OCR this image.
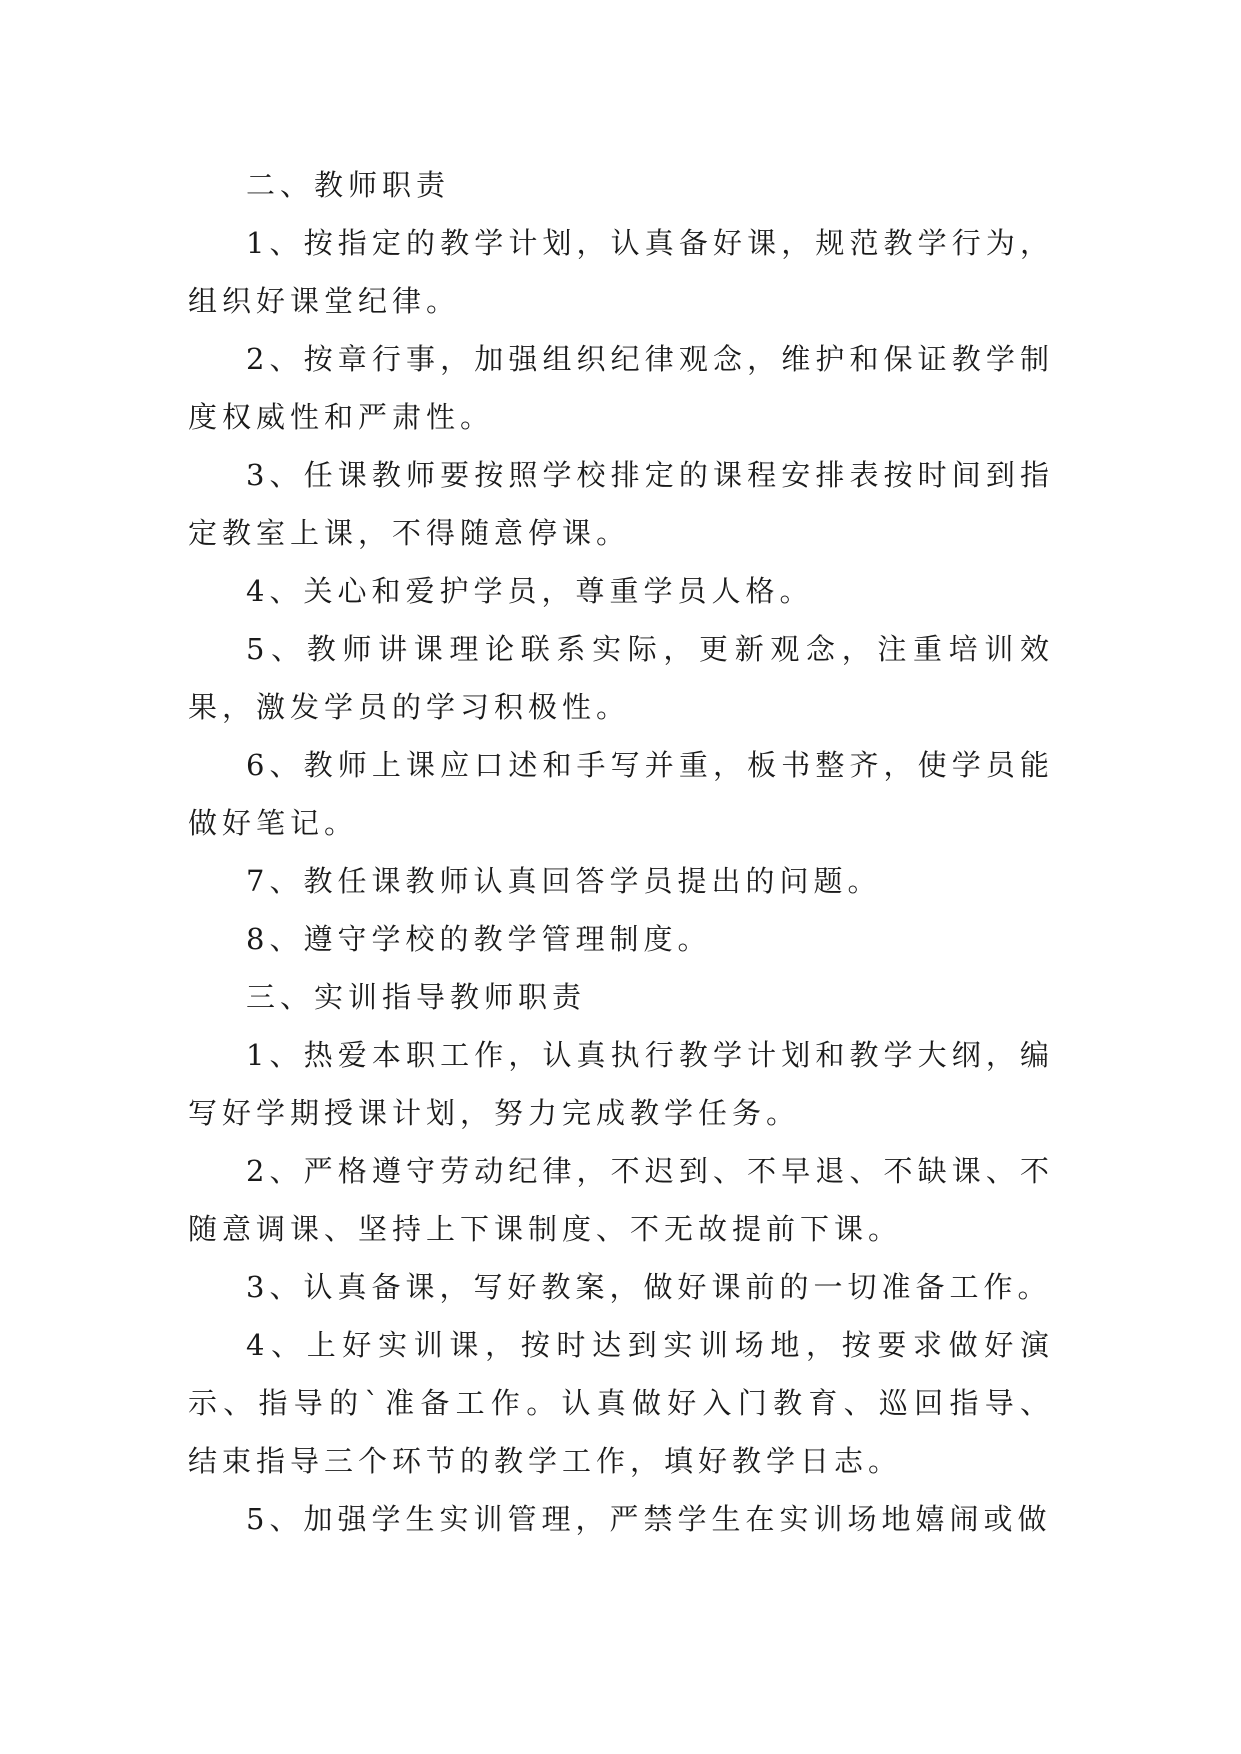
二、教师职责

1、按指定的教学计划，认真备好课，规范教学行为，组织好课堂纪律。

2、按章行事，加强组织纪律观念，维护和保证教学制度权威性和严肃性。

3、任课教师要按照学校排定的课程安排表按时间到指定教室上课，不得随意停课。

4、关心和爱护学员，尊重学员人格。

5、教师讲课理论联系实际，更新观念，注重培训效果，激发学员的学习积极性。

6、教师上课应口述和手写并重，板书整齐，使学员能做好笔记。

7、教任课教师认真回答学员提出的问题。

8、遵守学校的教学管理制度。

三、实训指导教师职责

1、热爱本职工作，认真执行教学计划和教学大纲，编写好学期授课计划，努力完成教学任务。

2、严格遵守劳动纪律，不迟到、不早退、不缺课、不随意调课、坚持上下课制度、不无故提前下课。

3、认真备课，写好教案，做好课前的一切准备工作。

4、上好实训课，按时达到实训场地，按要求做好演示、指导的`准备工作。认真做好入门教育、巡回指导、结束指导三个环节的教学工作，填好教学日志。

5、加强学生实训管理，严禁学生在实训场地嬉闹或做
